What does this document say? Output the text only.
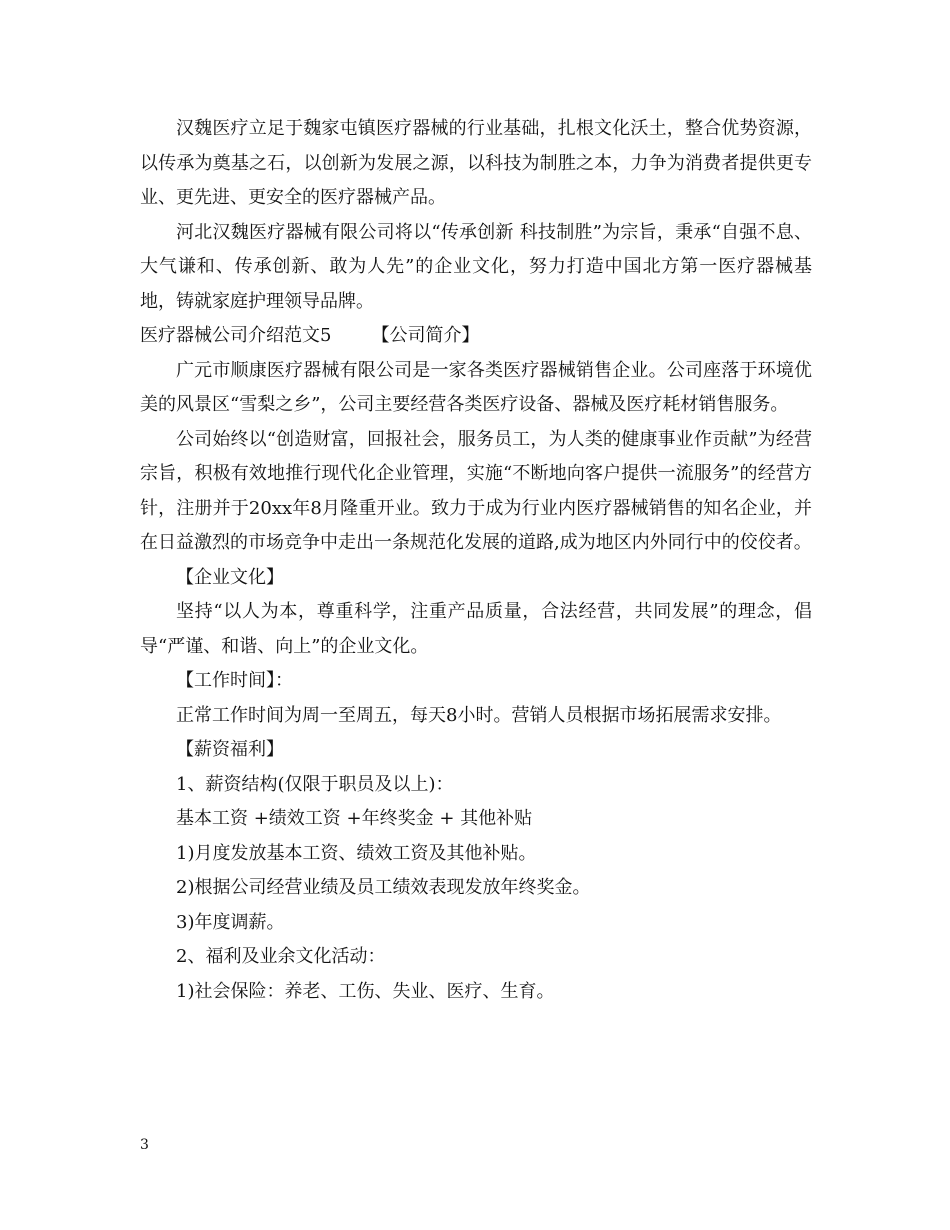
汉魏医疗立足于魏家屯镇医疗器械的行业基础，扎根文化沃土，整合优势资源，以传承为奠基之石，以创新为发展之源，以科技为制胜之本，力争为消费者提供更专业、更先进、更安全的医疗器械产品。

河北汉魏医疗器械有限公司将以“传承创新 科技制胜”为宗旨，秉承“自强不息、大气谦和、传承创新、敢为人先”的企业文化，努力打造中国北方第一医疗器械基地，铸就家庭护理领导品牌。

医疗器械公司介绍范文5 【公司简介】

广元市顺康医疗器械有限公司是一家各类医疗器械销售企业。公司座落于环境优美的风景区“雪梨之乡”，公司主要经营各类医疗设备、器械及医疗耗材销售服务。

公司始终以“创造财富，回报社会，服务员工，为人类的健康事业作贡献”为经营宗旨，积极有效地推行现代化企业管理，实施“不断地向客户提供一流服务”的经营方针，注册并于20xx年8月隆重开业。致力于成为行业内医疗器械销售的知名企业，并在日益激烈的市场竞争中走出一条规范化发展的道路,成为地区内外同行中的佼佼者。

【企业文化】

坚持“以人为本，尊重科学，注重产品质量，合法经营，共同发展”的理念，倡导“严谨、和谐、向上”的企业文化。

【工作时间】：

正常工作时间为周一至周五，每天8小时。营销人员根据市场拓展需求安排。

【薪资福利】

1、薪资结构(仅限于职员及以上)：

基本工资 +绩效工资 +年终奖金 + 其他补贴

1)月度发放基本工资、绩效工资及其他补贴。

2)根据公司经营业绩及员工绩效表现发放年终奖金。

3)年度调薪。

2、福利及业余文化活动：

1)社会保险：养老、工伤、失业、医疗、生育。

3
